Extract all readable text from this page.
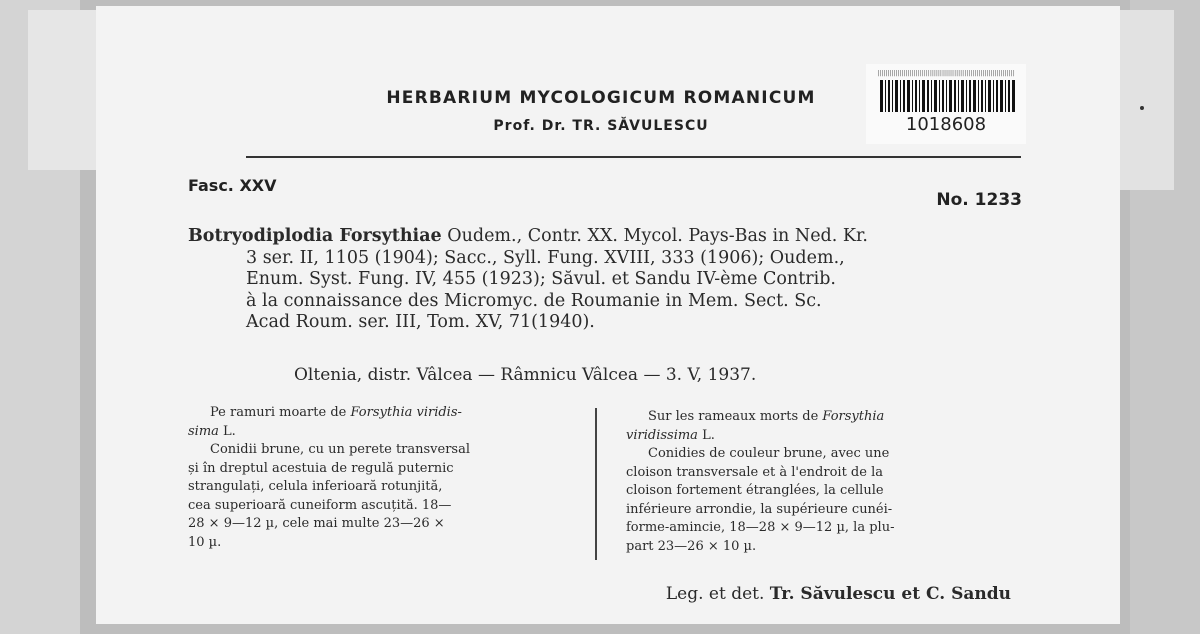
HERBARIUM MYCOLOGICUM ROMANICUM
Prof. Dr. TR. SĂVULESCU
||||||||||||||||||||||||||||||||||||||||||||||||||||||||||||||||||||
1018608
Fasc. XXV
No. 1233
Botryodiplodia Forsythiae Oudem., Contr. XX. Mycol. Pays-Bas in Ned. Kr.
3 ser. II, 1105 (1904); Sacc., Syll. Fung. XVIII, 333 (1906); Oudem.,
Enum. Syst. Fung. IV, 455 (1923); Săvul. et Sandu IV-ème Contrib.
à la connaissance des Micromyc. de Roumanie in Mem. Sect. Sc.
Acad Roum. ser. III, Tom. XV, 71(1940).
Oltenia, distr. Vâlcea — Râmnicu Vâlcea — 3. V, 1937.
Pe ramuri moarte de Forsythia viridis-
sima L.
Conidii brune, cu un perete transversal
și în dreptul acestuia de regulă puternic
strangulați, celula inferioară rotunjită,
cea superioară cuneiform ascuțită. 18—
28 × 9—12 µ, cele mai multe 23—26 ×
10 µ.
Sur les rameaux morts de Forsythia
viridissima L.
Conidies de couleur brune, avec une
cloison transversale et à l'endroit de la
cloison fortement étranglées, la cellule
inférieure arrondie, la supérieure cunéi-
forme-amincie, 18—28 × 9—12 µ, la plu-
part 23—26 × 10 µ.
Leg. et det. Tr. Săvulescu et C. Sandu
